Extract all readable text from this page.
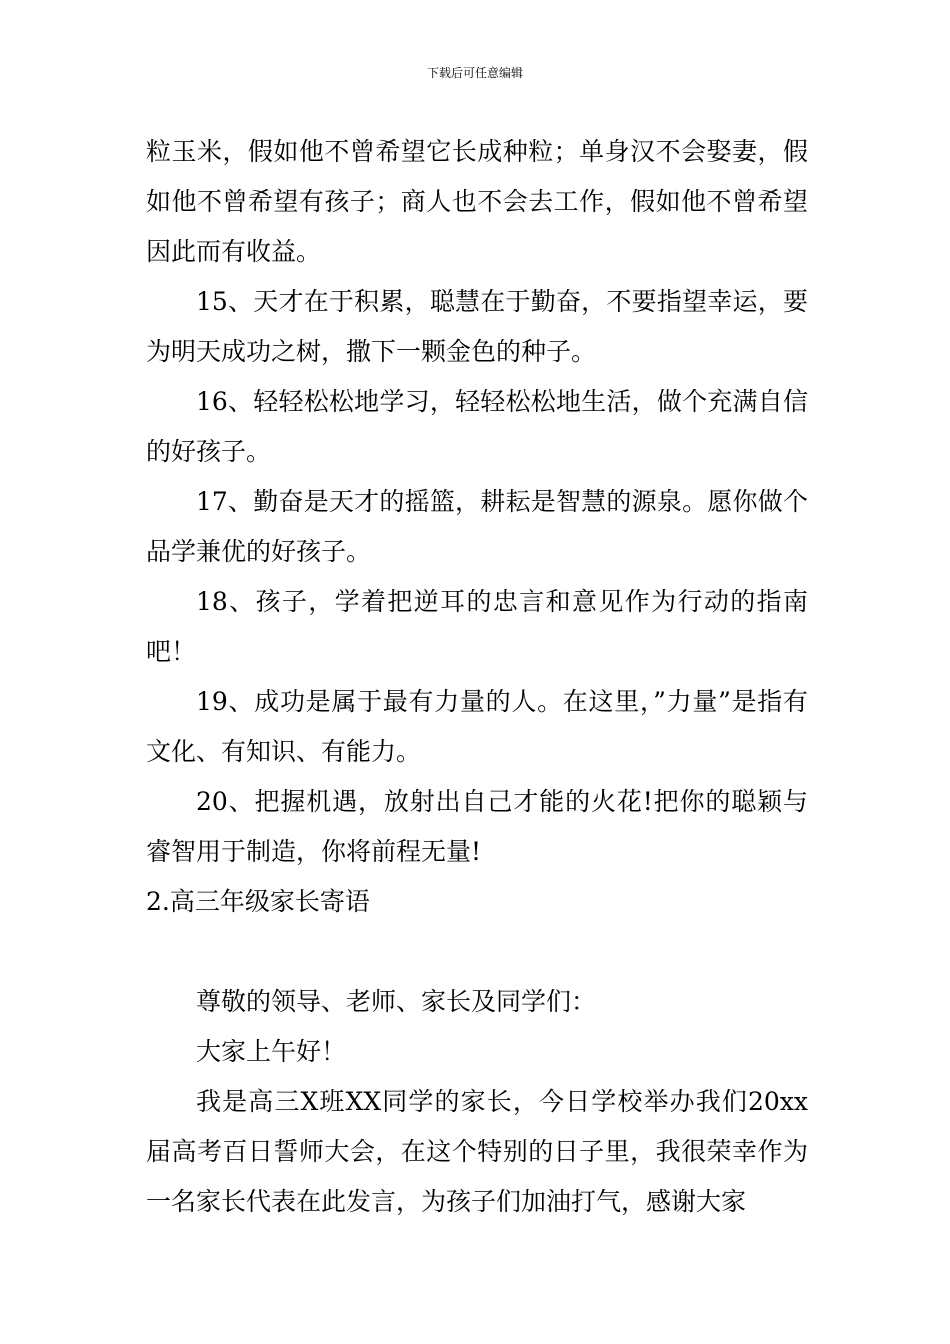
下载后可任意编辑

粒玉米，假如他不曾希望它长成种粒；单身汉不会娶妻，假如他不曾希望有孩子；商人也不会去工作，假如他不曾希望因此而有收益。

15、天才在于积累，聪慧在于勤奋，不要指望幸运，要为明天成功之树，撒下一颗金色的种子。

16、轻轻松松地学习，轻轻松松地生活，做个充满自信的好孩子。

17、勤奋是天才的摇篮，耕耘是智慧的源泉。愿你做个品学兼优的好孩子。

18、孩子，学着把逆耳的忠言和意见作为行动的指南吧！

19、成功是属于最有力量的人。在这里，”力量”是指有文化、有知识、有能力。

20、把握机遇，放射出自己才能的火花!把你的聪颖与睿智用于制造，你将前程无量!

2.高三年级家长寄语

尊敬的领导、老师、家长及同学们：

大家上午好！

我是高三X班XX同学的家长，今日学校举办我们20xx届高考百日誓师大会，在这个特别的日子里，我很荣幸作为一名家长代表在此发言，为孩子们加油打气，感谢大家
